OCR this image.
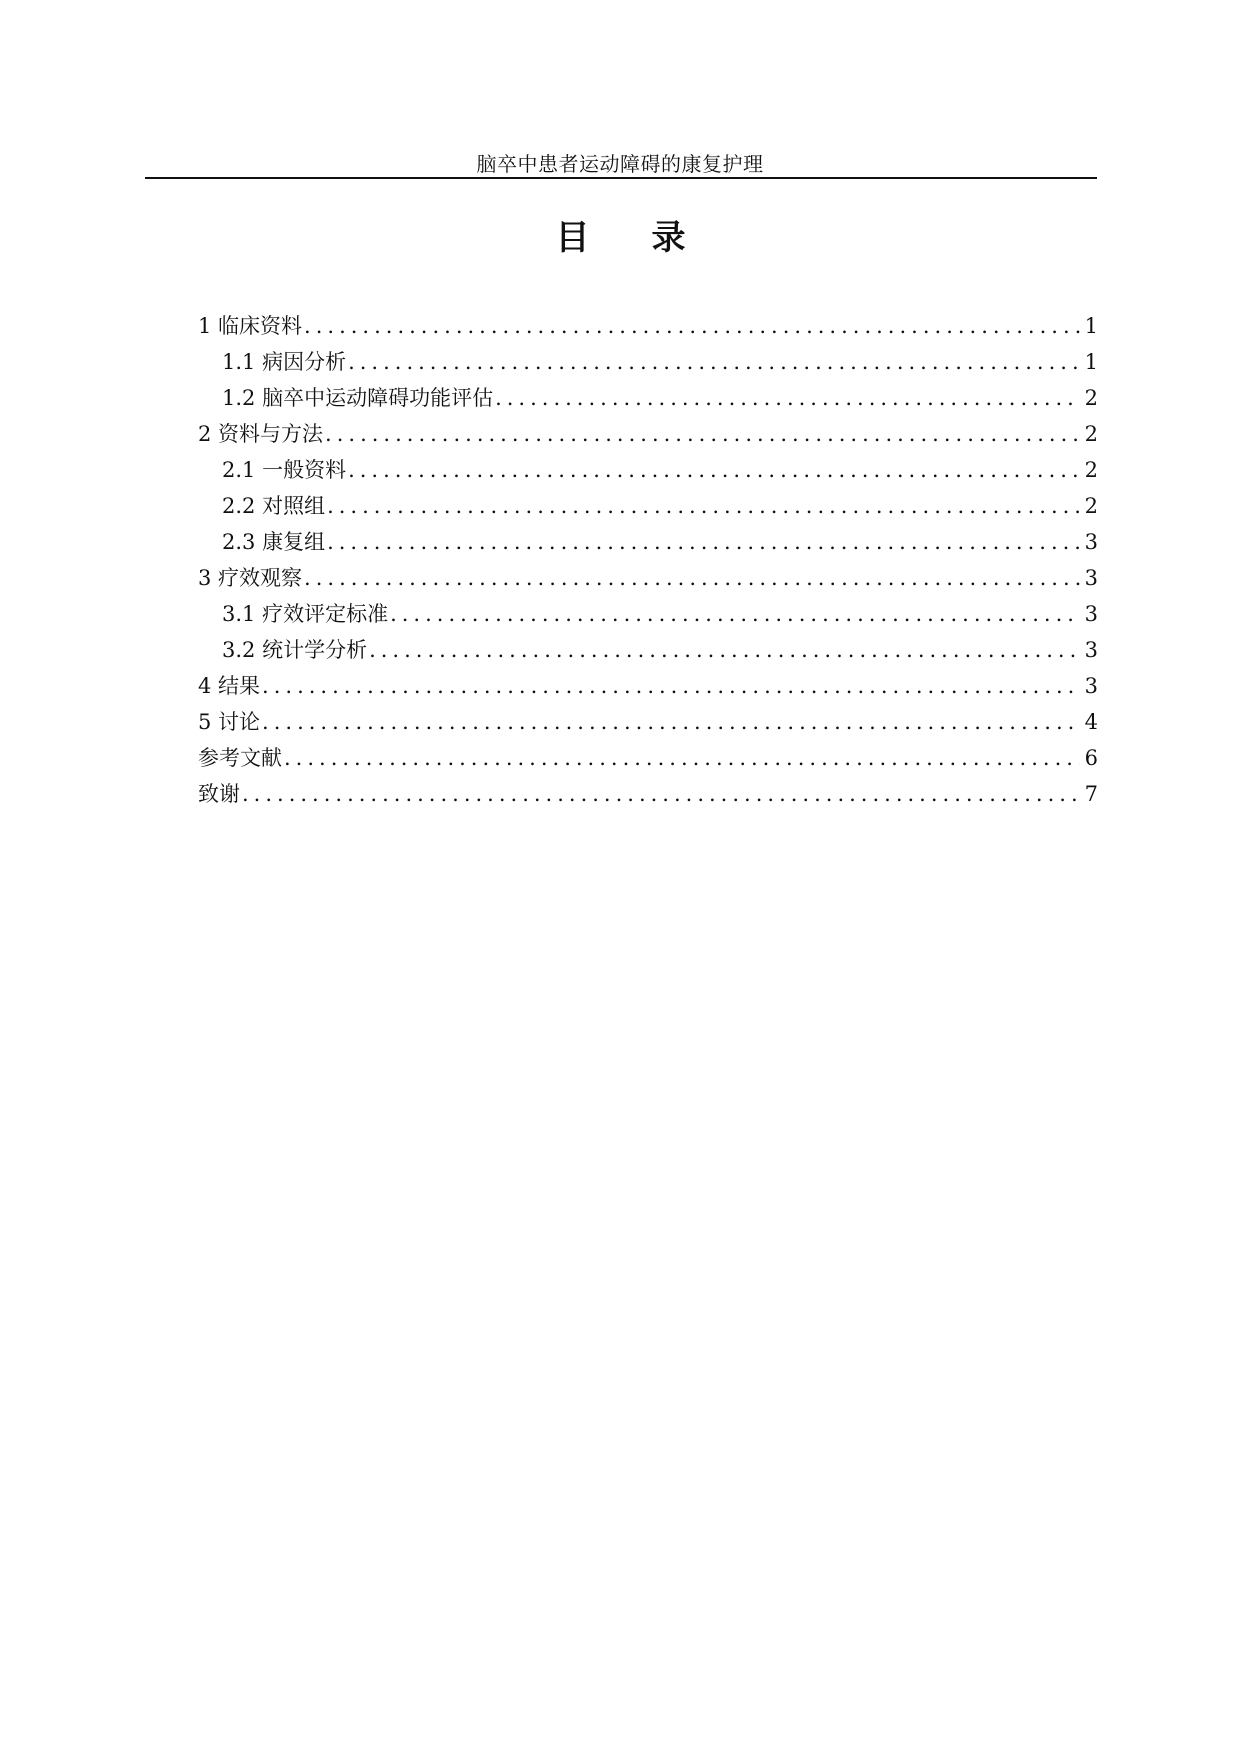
脑卒中患者运动障碍的康复护理
目录
1 临床资料 .....	1
1.1 病因分析 .....	1
1.2 脑卒中运动障碍功能评估 .....	2
2 资料与方法 .....	2
2.1 一般资料 .....	2
2.2 对照组 .....	2
2.3 康复组 .....	3
3 疗效观察 .....	3
3.1 疗效评定标准 .....	3
3.2 统计学分析 .....	3
4 结果 .....	3
5 讨论 .....	4
参考文献 .....	6
致谢 .....	7
